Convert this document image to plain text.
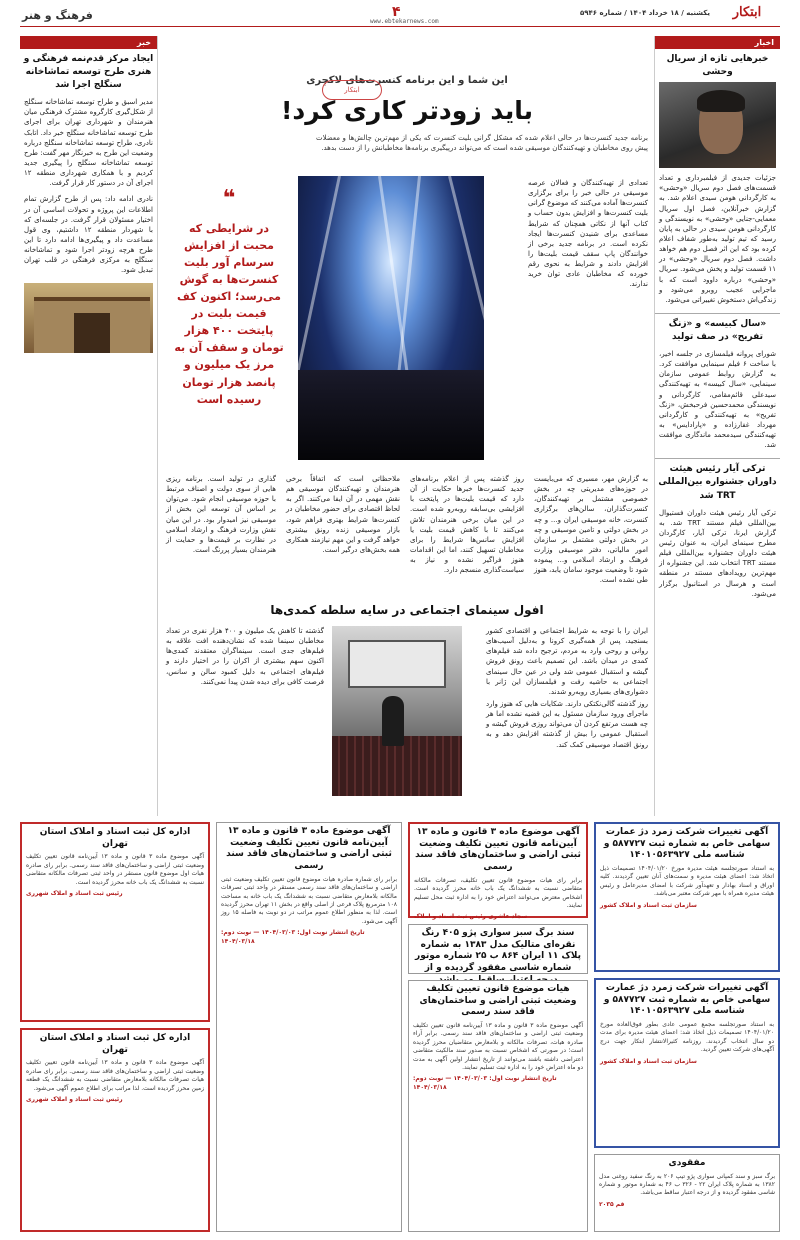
فرهنگ و هنر	۴
www.ebtekarnews.com
یکشنبه / ۱۸ خرداد ۱۴۰۴ / شماره ۵۹۴۶	ابتکار
اخبار
خبرهایی تازه از سریال وحشی

جزئیات جدیدی از فیلمبرداری و تعداد قسمت‌های فصل دوم سریال «وحشی» به کارگردانی هومن سیدی اعلام شد. به گزارش خبرآنلاین، فصل اول سریال معمایی-جنایی «وحشی» به نویسندگی و کارگردانی هومن سیدی در حالی به پایان رسید که تیم تولید به‌طور شفاف اعلام کرده بود که این اثر فصل دوم هم خواهد داشت. فصل دوم سریال «وحشی» در ۱۱ قسمت تولید و پخش می‌شود. سریال «وحشی» درباره داوود است که با ماجرایی عجیب روبرو می‌شود و زندگی‌اش دستخوش تغییراتی می‌شود.

«سال کبیسه» و «زنگ تفریح» در صف تولید

شورای پروانه فیلمسازی در جلسه اخیر، با ساخت ۶ فیلم سینمایی موافقت کرد. به گزارش روابط عمومی سازمان سینمایی، «سال کبیسه» به تهیه‌کنندگی سیدعلی قائم‌مقامی، کارگردانی و نویسندگی محمدحسین فرحبخش، «زنگ تفریح» به تهیه‌کنندگی و کارگردانی مهرداد غفارزاده و «پارادایس» به تهیه‌کنندگی سیدمحمد ماندگاری موافقت شد.

ترکی آیار رئیس هیئت داوران جشنواره بین‌المللی TRT شد

ترکی آیار رئیس هیئت داوران فستیوال بین‌المللی فیلم مستند TRT شد. به گزارش ایرنا، ترکی آیار، کارگردان مطرح سینمای ایران، به عنوان رئیس هیئت داوران جشنواره بین‌المللی فیلم مستند TRT انتخاب شد. این جشنواره از مهم‌ترین رویدادهای مستند در منطقه است و هرسال در استانبول برگزار می‌شود.

خبر
ایجاد مرکز قدم‌نمه فرهنگی و هنری طرح توسعه تماشاخانه سنگلج اجرا شد

مدیر اسبق و طراح توسعه تماشاخانه سنگلج از شکل‌گیری کارگروه مشترک فرهنگی میان هنرمندان و شهرداری تهران برای اجرای طرح توسعه تماشاخانه سنگلج خبر داد. اتابک نادری، طراح توسعه تماشاخانه سنگلج درباره وضعیت این طرح به خبرنگار مهر گفت: طرح توسعه تماشاخانه سنگلج را پیگیری جدید کردیم و با همکاری شهرداری منطقه ۱۲ اجرای آن در دستور کار قرار گرفت.

نادری ادامه داد: پس از طرح گزارش تمام اطلاعات این پروژه و تحولات اساسی آن در اختیار مسئولان قرار گرفت. در جلسه‌ای که با شهردار منطقه ۱۲ داشتیم، وی قول مساعدت داد و پیگیری‌ها ادامه دارد تا این طرح هرچه زودتر اجرا شود و تماشاخانه سنگلج به مرکزی فرهنگی در قلب تهران تبدیل شود.

ابتکار
این شما و این برنامه کنسرت‌های لاکچری
باید زودتر کاری کرد!
برنامه جدید کنسرت‌ها در حالی اعلام شده که مشکل گرانی بلیت کنسرت که یکی از مهم‌ترین چالش‌ها و معضلات پیش روی مخاطبان و تهیه‌کنندگان موسیقی شده است که می‌تواند درپیگیری برنامه‌ها مخاطبانش را از دست بدهد.

تعدادی از تهیه‌کنندگان و فعالان عرصه موسیقی در حالی خبر را برای برگزاری کنسرت‌ها آماده می‌کنند که موضوع گرانی بلیت کنسرت‌ها و افزایش بدون حساب و کتاب آنها از نکاتی همچنان که شرایط مساعدی برای شنیدن کنسرت‌ها ایجاد نکرده است. در برنامه جدید برخی از خوانندگان پاپ سقف قیمت بلیت‌ها را افزایش دادند و شرایط به نحوی رقم خورده که مخاطبان عادی توان خرید ندارند.

❝
در شرایطی که محبت از افزایش سرسام آور بلیت کنسرت‌ها به گوش می‌رسد؛ اکنون کف قیمت بلیت در پایتخت ۴۰۰ هزار تومان و سقف آن به مرز یک میلیون و پانصد هزار تومان رسیده است

به گزارش مهر، مسیری که می‌بایست در حوزه‌های مدیریتی چه در بخش خصوصی مشتمل بر تهیه‌کنندگان، کنسرت‌گذاران، سالن‌های برگزاری کنسرت، خانه موسیقی ایران و... و چه در بخش دولتی و تامین موسیقی و چه در بخش دولتی مشتمل بر سازمان امور مالیاتی، دفتر موسیقی وزارت فرهنگ و ارشاد اسلامی و... پیموده شود تا وضعیت موجود سامان یابد، هنوز طی نشده است.

روز گذشته پس از اعلام برنامه‌های جدید کنسرت‌ها خبرها حکایت از آن دارد که قیمت بلیت‌ها در پایتخت با افزایشی بی‌سابقه روبه‌رو شده است. در این میان برخی هنرمندان تلاش می‌کنند تا با کاهش قیمت بلیت یا افزایش سانس‌ها شرایط را برای مخاطبان تسهیل کنند، اما این اقدامات هنوز فراگیر نشده و نیاز به سیاست‌گذاری منسجم دارد.

ملاحظاتی است که اتفاقاً برخی هنرمندان و تهیه‌کنندگان موسیقی هم نقش مهمی در آن ایفا می‌کنند. اگر به لحاظ اقتصادی برای حضور مخاطبان در کنسرت‌ها شرایط بهتری فراهم شود، بازار موسیقی زنده رونق بیشتری خواهد گرفت و این مهم نیازمند همکاری همه بخش‌های درگیر است.

گذاری در تولید است. برنامه ریزی هایی از سوی دولت و اصناف مرتبط با حوزه موسیقی انجام شود. می‌توان بر اساس آن توسعه این بخش از موسیقی نیز امیدوار بود. در این میان نقش وزارت فرهنگ و ارشاد اسلامی در نظارت بر قیمت‌ها و حمایت از هنرمندان بسیار پررنگ است.

افول سینمای اجتماعی در سایه سلطه کمدی‌ها

ایران را با توجه به شرایط اجتماعی و اقتصادی کشور بسنجید، پس از همه‌گیری کرونا و به‌دلیل آسیب‌های روانی و روحی وارد به مردم، ترجیح داده شد فیلم‌های کمدی در میدان باشد. این تصمیم باعث رونق فروش گیشه و استقبال عمومی شد ولی در عین حال سینمای اجتماعی به حاشیه رفت و فیلمسازان این ژانر با دشواری‌های بسیاری روبه‌رو شدند.

روز گذشته گالی‌نکتکی دارند. شکایات هایی که هنوز وارد ماجرای ورود سازمان مسئول به این قضیه نشده اما هر چه هست مرتفع کردن آن می‌تواند روزی فروش گیشه و استقبال عمومی را بیش از گذشته افزایش دهد و به رونق اقتصاد موسیقی کمک کند.

گذشته تا کاهش یک میلیون و ۴۰۰ هزار نفری در تعداد مخاطبان سینما شده که نشان‌دهنده افت علاقه به فیلم‌های جدی است. سینماگران معتقدند کمدی‌ها اکنون سهم بیشتری از اکران را در اختیار دارند و فیلم‌های اجتماعی به دلیل کمبود سالن و سانس، فرصت کافی برای دیده شدن پیدا نمی‌کنند.

آگهی تغییرات شرکت زمرد دژ عمارت سهامی خاص به شماره ثبت ۵۸۷۷۲۷ و شناسه ملی ۱۴۰۱۰۵۶۳۹۲۷
به استناد صورتجلسه هیئت مدیره مورخ ۱۴۰۴/۰۱/۲۰ تصمیمات ذیل اتخاذ شد: اعضای هیئت مدیره و سمت‌های آنان تعیین گردیدند. کلیه اوراق و اسناد بهادار و تعهدآور شرکت با امضای مدیرعامل و رئیس هیئت مدیره همراه با مهر شرکت معتبر می‌باشد.
سازمان ثبت اسناد و املاک کشور
آگهی تغییرات شرکت زمرد دژ عمارت سهامی خاص به شماره ثبت ۵۸۷۷۲۷ و شناسه ملی ۱۴۰۱۰۵۶۳۹۲۷
به استناد صورتجلسه مجمع عمومی عادی بطور فوق‌العاده مورخ ۱۴۰۴/۰۱/۲۰ تصمیمات ذیل اتخاذ شد: اعضای هیئت مدیره برای مدت دو سال انتخاب گردیدند. روزنامه کثیرالانتشار ابتکار جهت درج آگهی‌های شرکت تعیین گردید.
سازمان ثبت اسناد و املاک کشور
مفقودی
برگ سبز و سند کمپانی سواری پژو تیپ ۲۰۶ به رنگ سفید روغنی مدل ۱۳۸۲ به شماره پلاک ایران ۲۲ - ۳۲۶ ب ۴۶ به شماره موتور و شماره شاسی مفقود گردیده و از درجه اعتبار ساقط می‌باشد.
قم ۲۰۳۵
آگهی موضوع ماده ۳ قانون و ماده ۱۳ آیین‌نامه قانون تعیین تکلیف وضعیت ثبتی اراضی و ساختمان‌های فاقد سند رسمی
برابر رای شماره صادره هیات موضوع قانون تعیین تکلیف وضعیت ثبتی اراضی و ساختمان‌های فاقد سند رسمی مستقر در واحد ثبتی تصرفات مالکانه بلامعارض متقاضی نسبت به ششدانگ یک باب خانه به مساحت ۱۰۸ مترمربع پلاک فرعی از اصلی واقع در بخش ۱۱ تهران محرز گردیده است. لذا به منظور اطلاع عموم مراتب در دو نوبت به فاصله ۱۵ روز آگهی می‌شود.
تاریخ انتشار نوبت اول: ۱۴۰۴/۰۳/۰۳ — نوبت دوم: ۱۴۰۴/۰۳/۱۸
آگهی موضوع ماده ۳ قانون و ماده ۱۳ آیین‌نامه قانون تعیین تکلیف وضعیت ثبتی اراضی و ساختمان‌های فاقد سند رسمی
برابر رای هیات موضوع قانون تعیین تکلیف، تصرفات مالکانه متقاضی نسبت به ششدانگ یک باب خانه محرز گردیده است. اشخاص معترض می‌توانند اعتراض خود را به اداره ثبت محل تسلیم نمایند.
سجاد عاشری رئیس ثبت اسناد و املاک
سند برگ سبز سواری پژو ۴۰۵ رنگ نقره‌ای متالیک مدل ۱۳۸۳ به شماره پلاک ۱۱ ایران ۸۶۴ ب ۲۵ شماره موتور شماره شاسی مفقود گردیده و از
هیات موضوع قانون تعیین تکلیف وضعیت ثبتی اراضی و ساختمان‌های فاقد سند رسمی
آگهی موضوع ماده ۳ قانون و ماده ۱۳ آیین‌نامه قانون تعیین تکلیف وضعیت ثبتی اراضی و ساختمان‌های فاقد سند رسمی. برابر آراء صادره هیات، تصرفات مالکانه و بلامعارض متقاضیان محرز گردیده است؛ در صورتی که اشخاص نسبت به صدور سند مالکیت متقاضی اعتراضی داشته باشند می‌توانند از تاریخ انتشار اولین آگهی به مدت دو ماه اعتراض خود را به اداره ثبت تسلیم نمایند.
تاریخ انتشار نوبت اول: ۱۴۰۴/۰۳/۰۳ — نوبت دوم: ۱۴۰۴/۰۳/۱۸
اداره کل ثبت اسناد و املاک استان تهران
آگهی موضوع ماده ۳ قانون و ماده ۱۳ آیین‌نامه قانون تعیین تکلیف وضعیت ثبتی اراضی و ساختمان‌های فاقد سند رسمی. برابر رای صادره هیات اول موضوع قانون مستقر در واحد ثبتی تصرفات مالکانه متقاضی نسبت به ششدانگ یک باب خانه محرز گردیده است.
رئیس ثبت اسناد و املاک شهرری
اداره کل ثبت اسناد و املاک استان تهران
آگهی موضوع ماده ۳ قانون و ماده ۱۳ آیین‌نامه قانون تعیین تکلیف وضعیت ثبتی اراضی و ساختمان‌های فاقد سند رسمی. برابر رای صادره هیات تصرفات مالکانه بلامعارض متقاضی نسبت به ششدانگ یک قطعه زمین محرز گردیده است. لذا مراتب برای اطلاع عموم آگهی می‌شود.
رئیس ثبت اسناد و املاک شهرری
